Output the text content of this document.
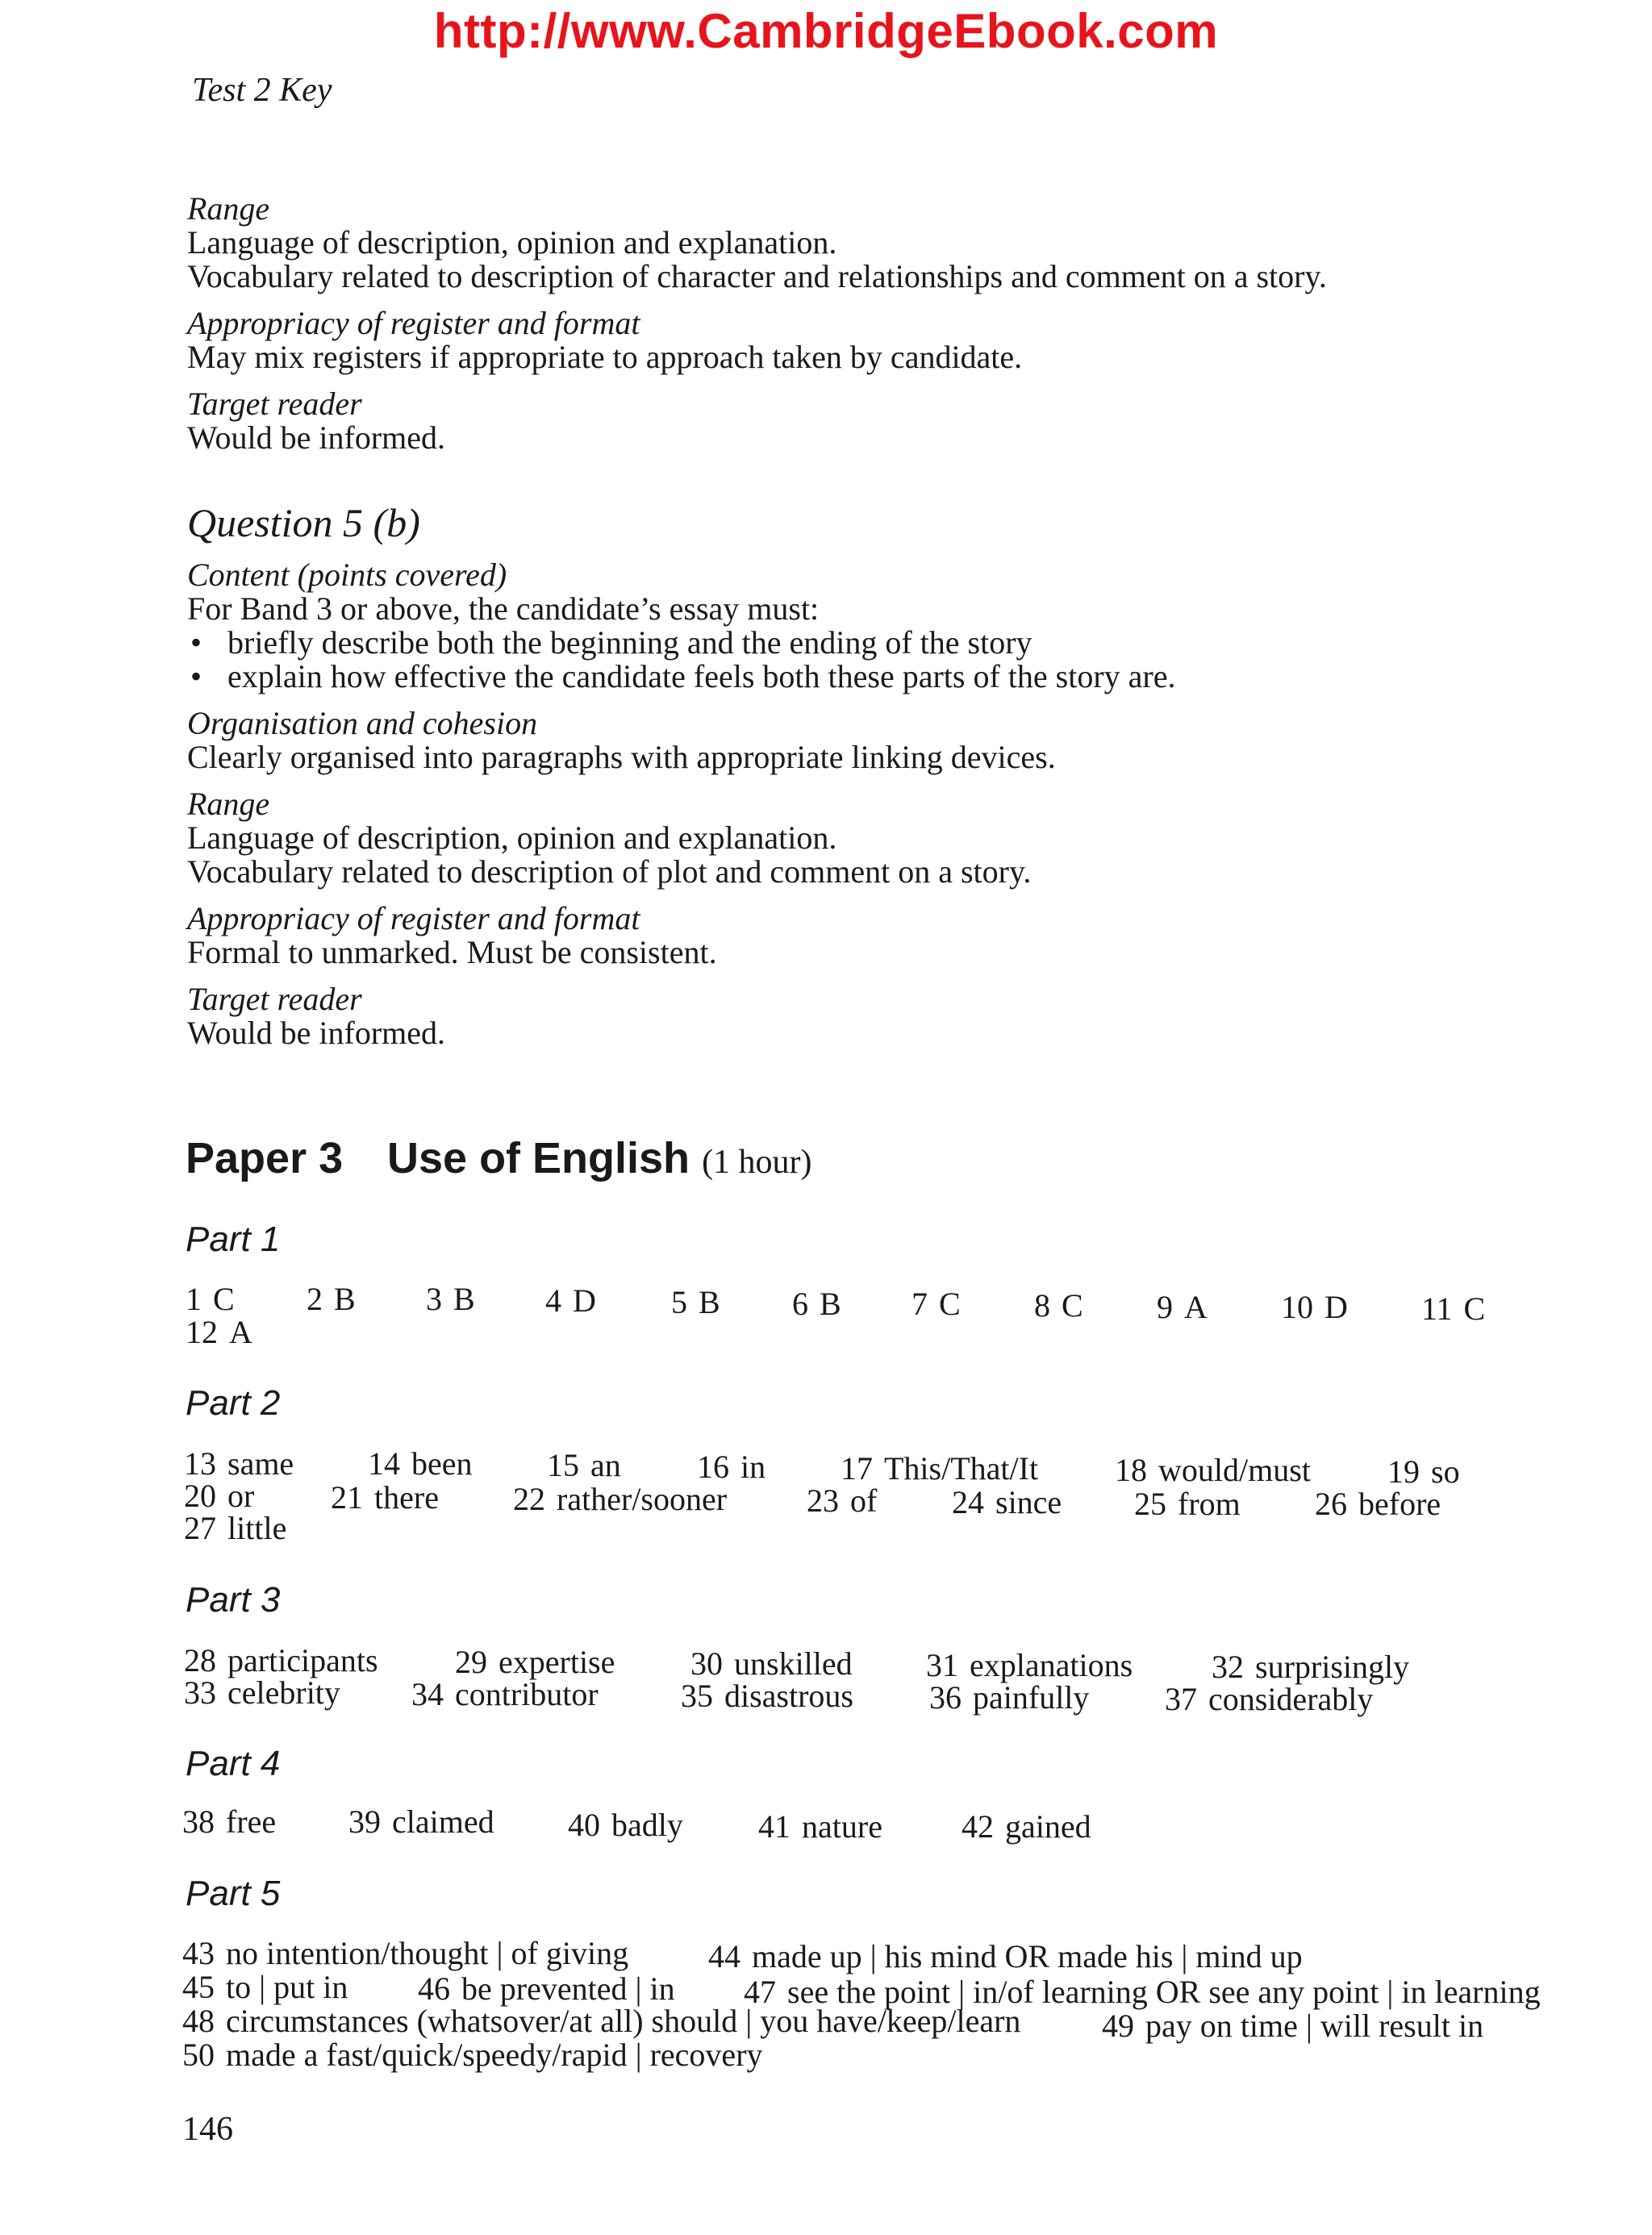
http://www.CambridgeEbook.com
Test 2 Key
Range
Language of description, opinion and explanation.
Vocabulary related to description of character and relationships and comment on a story.
Appropriacy of register and format
May mix registers if appropriate to approach taken by candidate.
Target reader
Would be informed.
Question 5 (b)
Content (points covered)
For Band 3 or above, the candidate’s essay must:
• briefly describe both the beginning and the ending of the story
• explain how effective the candidate feels both these parts of the story are.
Organisation and cohesion
Clearly organised into paragraphs with appropriate linking devices.
Range
Language of description, opinion and explanation.
Vocabulary related to description of plot and comment on a story.
Appropriacy of register and format
Formal to unmarked. Must be consistent.
Target reader
Would be informed.
Paper 3 Use of English (1 hour)
Part 1
Part 2
Part 3
Part 4
Part 5
1 C 2 B 3 B 4 D 5 B 6 B 7 C 8 C 9 A 10 D 11 C
12 A
13 same 14 been 15 an 16 in 17 This/That/It 18 would/must 19 so
20 or 21 there 22 rather/sooner 23 of 24 since 25 from 26 before
27 little
28 participants 29 expertise 30 unskilled 31 explanations 32 surprisingly
33 celebrity 34 contributor	35 disastrous 36 painfully 37 considerably
38 free 39 claimed 40 badly 41 nature 42 gained
43 no intention/thought | of giving 44 made up | his mind OR made his | mind up
45 to | put in 46 be prevented | in 47 see the point | in/of learning OR see any point | in learning
48 circumstances (whatsover/at all) should | you have/keep/learn	49 pay on time | will result in
50 made a fast/quick/speedy/rapid | recovery
146
